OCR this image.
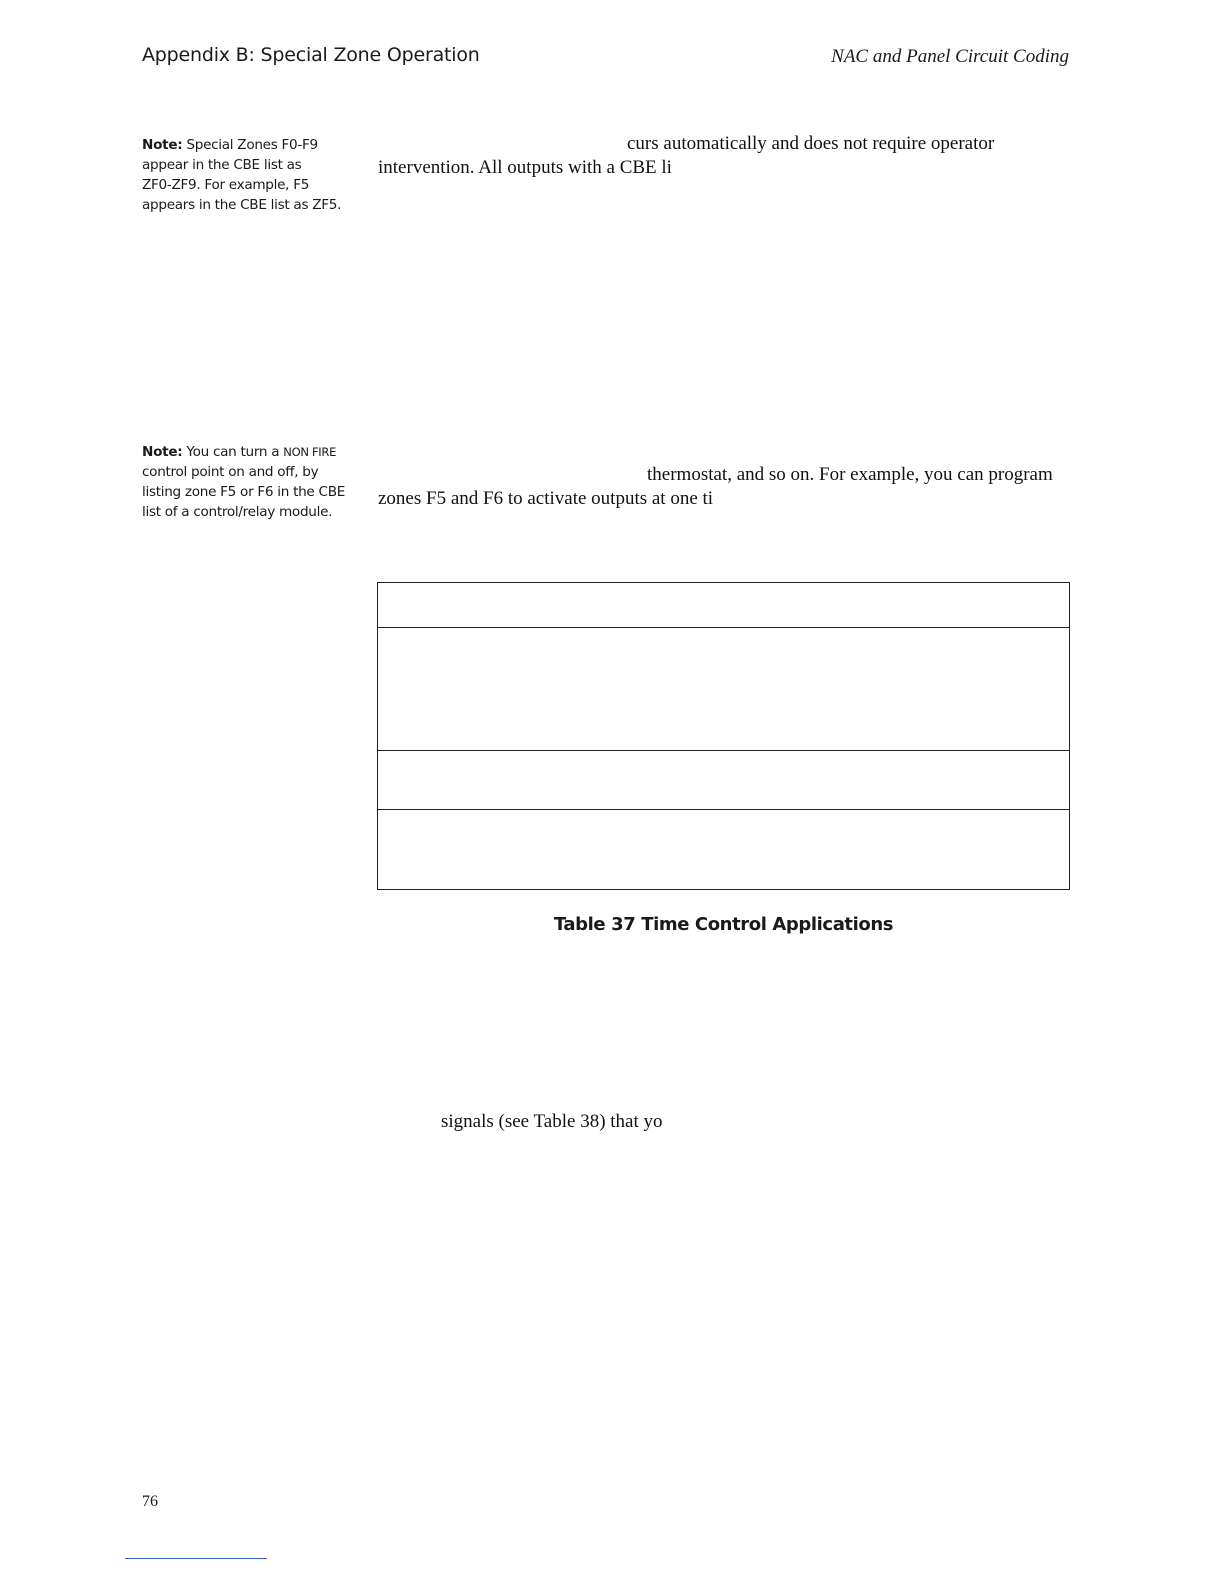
Appendix B: Special Zone Operation	NAC and Panel Circuit Coding
Note: Special Zones F0-F9
appear in the CBE list as
ZF0-ZF9. For example, F5
appears in the CBE list as ZF5.
Note: You can turn a NON FIRE
control point on and off, by
listing zone F5 or F6 in the CBE
list of a control/relay module.
curs automatically and does not require operator
intervention. All outputs with a CBE li
thermostat, and so on. For example, you can program
zones F5 and F6 to activate outputs at one ti

Table 37 Time Control Applications
signals (see Table 38) that yo
76
